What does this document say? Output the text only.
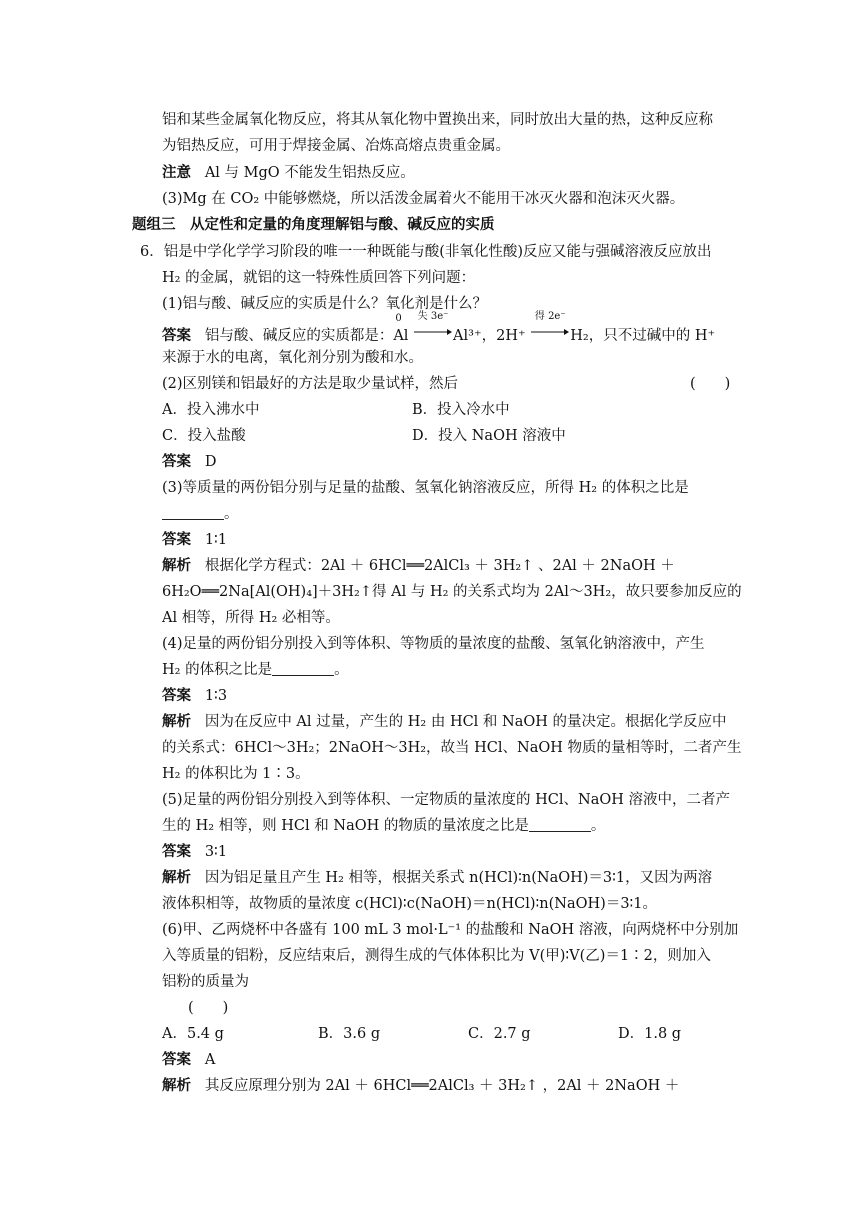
铝和某些金属氧化物反应，将其从氧化物中置换出来，同时放出大量的热，这种反应称
为铝热反应，可用于焊接金属、冶炼高熔点贵重金属。
注意 Al 与 MgO 不能发生铝热反应。
(3)Mg 在 CO₂ 中能够燃烧，所以活泼金属着火不能用干冰灭火器和泡沫灭火器。
题组三　从定性和定量的角度理解铝与酸、碱反应的实质
6．铝是中学化学学习阶段的唯一一种既能与酸(非氧化性酸)反应又能与强碱溶液反应放出
H₂ 的金属，就铝的这一特殊性质回答下列问题：
(1)铝与酸、碱反应的实质是什么？氧化剂是什么？
答案 铝与酸、碱反应的实质都是：
0
Al
失 3e⁻
Al³⁺，2H⁺
得 2e⁻
H₂，只不过碱中的 H⁺
来源于水的电离，氧化剂分别为酸和水。
(2)区别镁和铝最好的方法是取少量试样，然后	(　　)
A．投入沸水中	B．投入冷水中
C．投入盐酸	D．投入 NaOH 溶液中
答案 D
(3)等质量的两份铝分别与足量的盐酸、氢氧化钠溶液反应，所得 H₂ 的体积之比是
。
答案 1∶1
解析 根据化学方程式：2Al ＋ 6HCl══2AlCl₃ ＋ 3H₂↑ 、2Al ＋ 2NaOH ＋
6H₂O══2Na[Al(OH)₄]＋3H₂↑得 Al 与 H₂ 的关系式均为 2Al～3H₂，故只要参加反应的
Al 相等，所得 H₂ 必相等。
(4)足量的两份铝分别投入到等体积、等物质的量浓度的盐酸、氢氧化钠溶液中，产生
H₂ 的体积之比是	。
答案 1∶3
解析 因为在反应中 Al 过量，产生的 H₂ 由 HCl 和 NaOH 的量决定。根据化学反应中
的关系式：6HCl～3H₂；2NaOH～3H₂，故当 HCl、NaOH 物质的量相等时，二者产生
H₂ 的体积比为 1∶3。
(5)足量的两份铝分别投入到等体积、一定物质的量浓度的 HCl、NaOH 溶液中，二者产
生的 H₂ 相等，则 HCl 和 NaOH 的物质的量浓度之比是	。
答案 3∶1
解析 因为铝足量且产生 H₂ 相等，根据关系式 n(HCl)∶n(NaOH)＝3∶1，又因为两溶
液体积相等，故物质的量浓度 c(HCl)∶c(NaOH)＝n(HCl)∶n(NaOH)＝3∶1。
(6)甲、乙两烧杯中各盛有 100 mL 3 mol·L⁻¹ 的盐酸和 NaOH 溶液，向两烧杯中分别加
入等质量的铝粉，反应结束后，测得生成的气体体积比为 V(甲)∶V(乙)＝1∶2，则加入
铝粉的质量为
(　　)
A．5.4 g	B．3.6 g	C．2.7 g	D．1.8 g
答案 A
解析 其反应原理分别为 2Al ＋ 6HCl══2AlCl₃ ＋ 3H₂↑ ，2Al ＋ 2NaOH ＋
